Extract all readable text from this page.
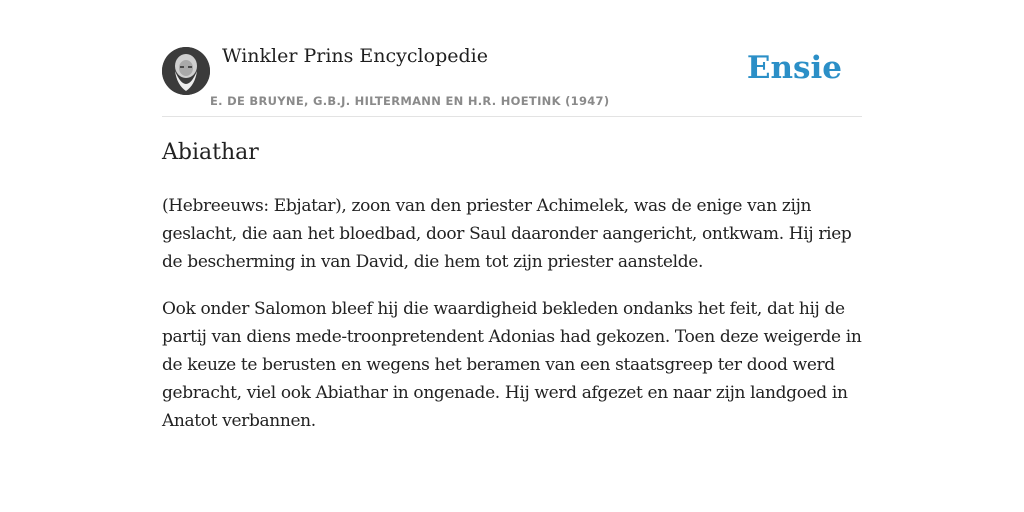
Winkler Prins Encyclopedie
E. DE BRUYNE, G.B.J. HILTERMANN EN H.R. HOETINK (1947)
Ensie
Abiathar

(Hebreeuws: Ebjatar), zoon van den priester Achimelek, was de enige van zijn geslacht, die aan het bloedbad, door Saul daaronder aangericht, ontkwam. Hij riep de bescherming in van David, die hem tot zijn priester aanstelde.

Ook onder Salomon bleef hij die waardigheid bekleden ondanks het feit, dat hij de partij van diens mede-troonpretendent Adonias had gekozen. Toen deze weigerde in de keuze te berusten en wegens het beramen van een staatsgreep ter dood werd gebracht, viel ook Abiathar in ongenade. Hij werd afgezet en naar zijn landgoed in Anatot verbannen.
